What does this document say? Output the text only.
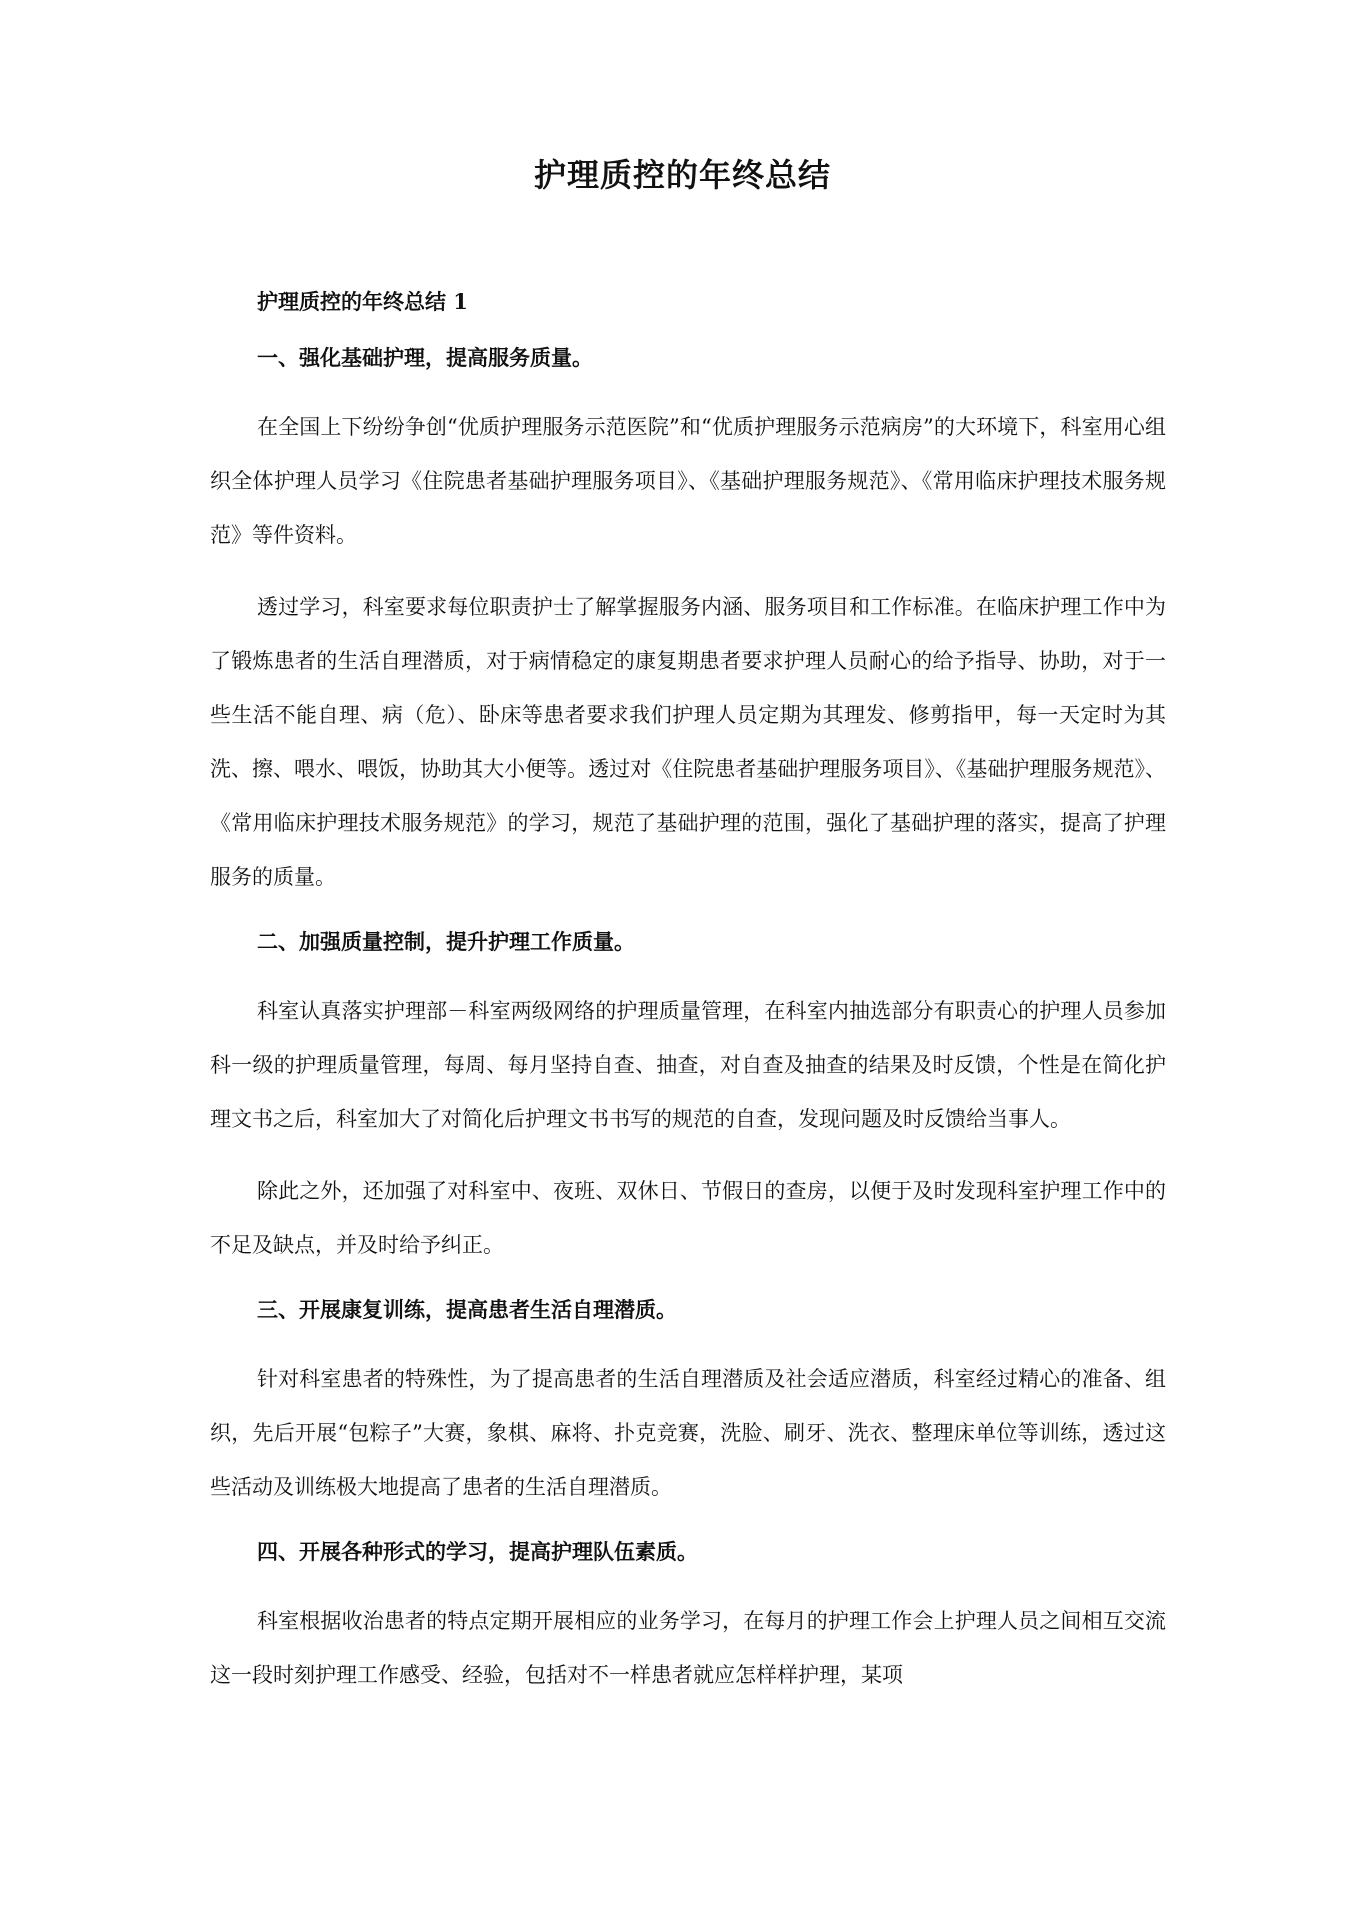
护理质控的年终总结

护理质控的年终总结 1

一、强化基础护理，提高服务质量。

在全国上下纷纷争创“优质护理服务示范医院”和“优质护理服务示范病房”的大环境下，科室用心组织全体护理人员学习《住院患者基础护理服务项目》、《基础护理服务规范》、《常用临床护理技术服务规范》等件资料。

透过学习，科室要求每位职责护士了解掌握服务内涵、服务项目和工作标准。在临床护理工作中为了锻炼患者的生活自理潜质，对于病情稳定的康复期患者要求护理人员耐心的给予指导、协助，对于一些生活不能自理、病（危）、卧床等患者要求我们护理人员定期为其理发、修剪指甲，每一天定时为其洗、擦、喂水、喂饭，协助其大小便等。透过对《住院患者基础护理服务项目》、《基础护理服务规范》、《常用临床护理技术服务规范》的学习，规范了基础护理的范围，强化了基础护理的落实，提高了护理服务的质量。

二、加强质量控制，提升护理工作质量。

科室认真落实护理部－科室两级网络的护理质量管理，在科室内抽选部分有职责心的护理人员参加科一级的护理质量管理，每周、每月坚持自查、抽查，对自查及抽查的结果及时反馈，个性是在简化护理文书之后，科室加大了对简化后护理文书书写的规范的自查，发现问题及时反馈给当事人。

除此之外，还加强了对科室中、夜班、双休日、节假日的查房，以便于及时发现科室护理工作中的不足及缺点，并及时给予纠正。

三、开展康复训练，提高患者生活自理潜质。

针对科室患者的特殊性，为了提高患者的生活自理潜质及社会适应潜质，科室经过精心的准备、组织，先后开展“包粽子”大赛，象棋、麻将、扑克竞赛，洗脸、刷牙、洗衣、整理床单位等训练，透过这些活动及训练极大地提高了患者的生活自理潜质。

四、开展各种形式的学习，提高护理队伍素质。

科室根据收治患者的特点定期开展相应的业务学习，在每月的护理工作会上护理人员之间相互交流这一段时刻护理工作感受、经验，包括对不一样患者就应怎样样护理，某项
